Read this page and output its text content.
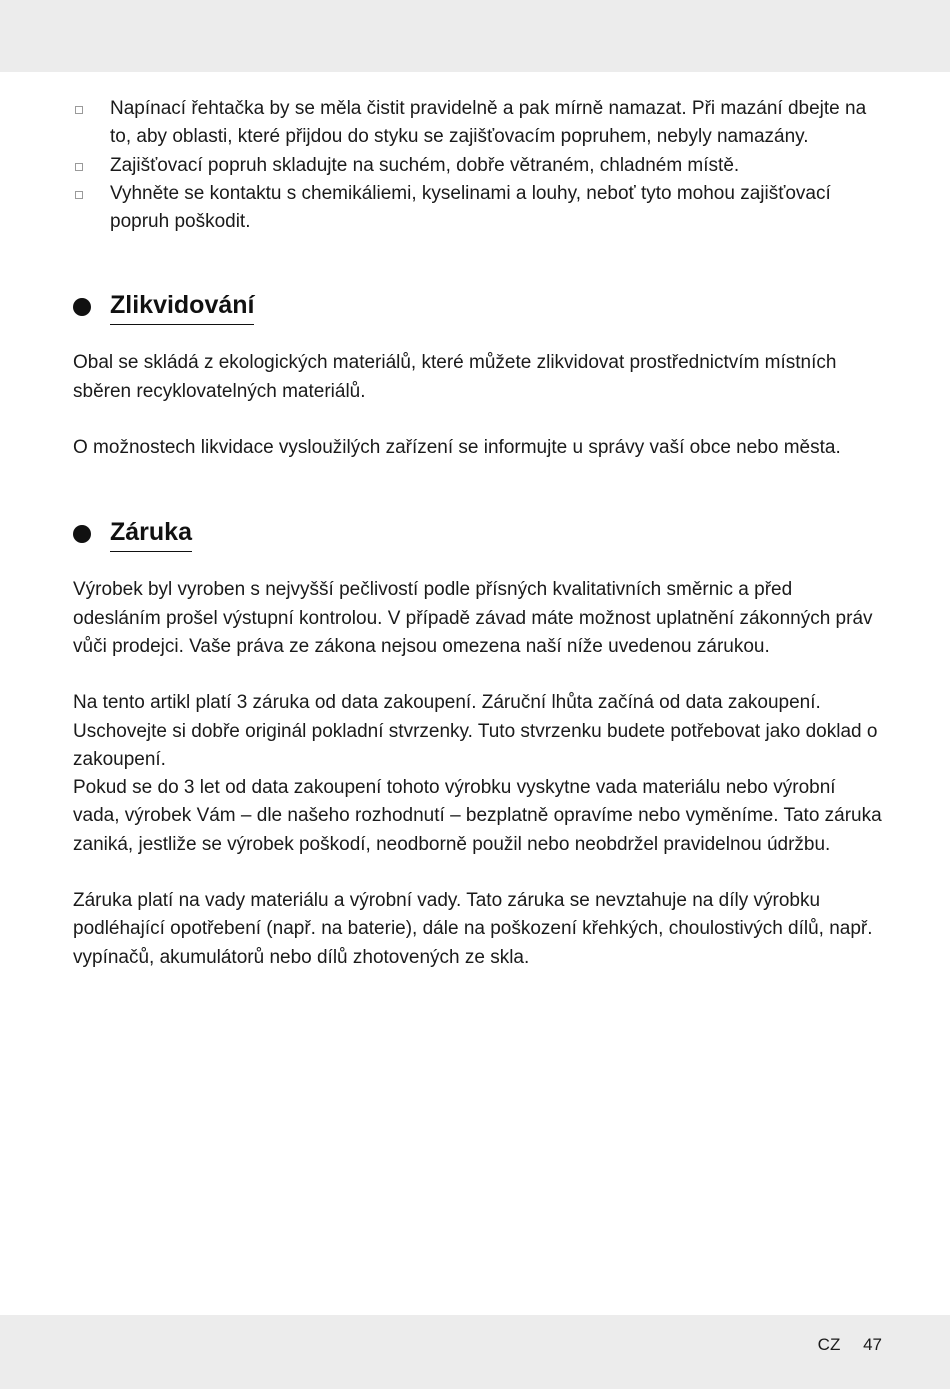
Napínací řehtačka by se měla čistit pravidelně a pak mírně namazat. Při mazání dbejte na to, aby oblasti, které přijdou do styku se zajišťovacím popruhem, nebyly namazány.
Zajišťovací popruh skladujte na suchém, dobře větraném, chladném místě.
Vyhněte se kontaktu s chemikáliemi, kyselinami a louhy, neboť tyto mohou zajišťovací popruh poškodit.
Zlikvidování

Obal se skládá z ekologických materiálů, které můžete zlikvidovat prostřednictvím místních sběren recyklovatelných materiálů.

O možnostech likvidace vysloužilých zařízení se informujte u správy vaší obce nebo města.

Záruka

Výrobek byl vyroben s nejvyšší pečlivostí podle přísných kvalitativních směrnic a před odesláním prošel výstupní kontrolou. V případě závad máte možnost uplatnění zákonných práv vůči prodejci. Vaše práva ze zákona nejsou omezena naší níže uvedenou zárukou.

Na tento artikl platí 3 záruka od data zakoupení. Záruční lhůta začíná od data zakoupení. Uschovejte si dobře originál pokladní stvrzenky. Tuto stvrzenku budete potřebovat jako doklad o zakoupení.

Pokud se do 3 let od data zakoupení tohoto výrobku vyskytne vada materiálu nebo výrobní vada, výrobek Vám – dle našeho rozhodnutí – bezplatně opravíme nebo vyměníme. Tato záruka zaniká, jestliže se výrobek poškodí, neodborně použil nebo neobdržel pravidelnou údržbu.

Záruka platí na vady materiálu a výrobní vady. Tato záruka se nevztahuje na díly výrobku podléhající opotřebení (např. na baterie), dále na poškození křehkých, choulostivých dílů, např. vypínačů, akumulátorů nebo dílů zhotovených ze skla.

CZ 47
